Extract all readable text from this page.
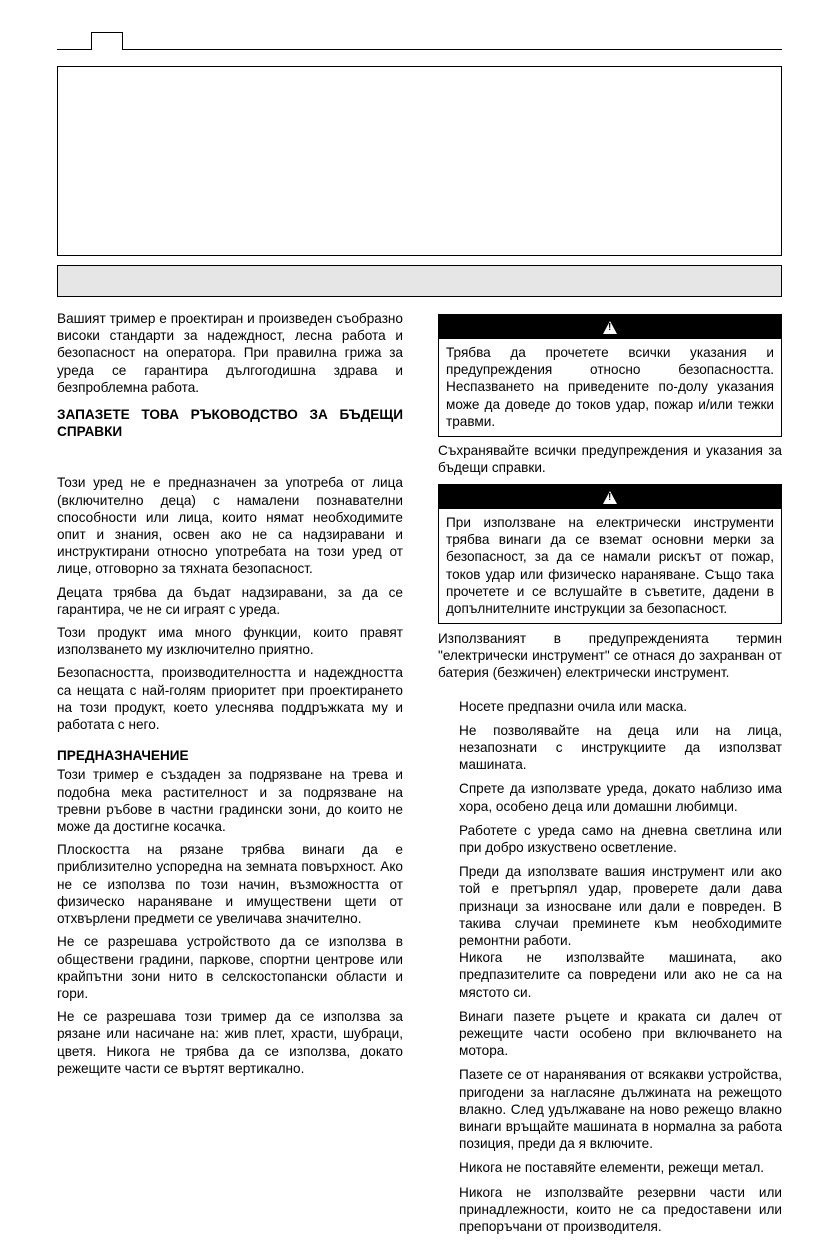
Вашият тример е проектиран и произведен съобразно високи стандарти за надеждност, лесна работа и безопасност на оператора. При правилна грижа за уреда се гарантира дългогодишна здрава и безпроблемна работа.

ЗАПАЗЕТЕ ТОВА РЪКОВОДСТВО ЗА БЪДЕЩИ СПРАВКИ

Този уред не е предназначен за употреба от лица (включително деца) с намалени познавателни способности или лица, които нямат необходимите опит и знания, освен ако не са надзиравани и инструктирани относно употребата на този уред от лице, отговорно за тяхната безопасност.

Децата трябва да бъдат надзиравани, за да се гарантира, че не си играят с уреда.

Този продукт има много функции, които правят използването му изключително приятно.

Безопасността, производителността и надеждността са нещата с най-голям приоритет при проектирането на този продукт, което улеснява поддръжката му и работата с него.

ПРЕДНАЗНАЧЕНИЕ

Този тример е създаден за подрязване на трева и подобна мека растителност и за подрязване на тревни ръбове в частни градински зони, до които не може да достигне косачка.

Плоскостта на рязане трябва винаги да е приблизително успоредна на земната повърхност. Ако не се използва по този начин, възможността от физическо нараняване и имуществени щети от отхвърлени предмети се увеличава значително.

Не се разрешава устройството да се използва в обществени градини, паркове, спортни центрове или крайпътни зони нито в селскостопански области и гори.

Не се разрешава този тример да се използва за рязане или насичане на: жив плет, храсти, шубраци, цветя. Никога не трябва да се използва, докато режещите части се въртят вертикално.

!
Трябва да прочетете всички указания и предупреждения относно безопасността. Неспазването на приведените по-долу указания може да доведе до токов удар, пожар и/или тежки травми.

Съхранявайте всички предупреждения и указания за бъдещи справки.

!
При използване на електрически инструменти трябва винаги да се вземат основни мерки за безопасност, за да се намали рискът от пожар, токов удар или физическо нараняване. Също така прочетете и се вслушайте в съветите, дадени в допълнителните инструкции за безопасност.

Използваният в предупрежденията термин "електрически инструмент" се отнася до захранван от батерия (безжичен) електрически инструмент.

Носете предпазни очила или маска.
Не позволявайте на деца или на лица, незапознати с инструкциите да използват машината.
Спрете да използвате уреда, докато наблизо има хора, особено деца или домашни любимци.
Работете с уреда само на дневна светлина или при добро изкуствено осветление.
Преди да използвате вашия инструмент или ако той е претърпял удар, проверете дали дава признаци за износване или дали е повреден. В такива случаи преминете към необходимите ремонтни работи.
Никога не използвайте машината, ако предпазителите са повредени или ако не са на мястото си.
Винаги пазете ръцете и краката си далеч от режещите части особено при включването на мотора.
Пазете се от наранявания от всякакви устройства, пригодени за нагласяне дължината на режещото влакно. След удължаване на ново режещо влакно винаги връщайте машината в нормална за работа позиция, преди да я включите.
Никога не поставяйте елементи, режещи метал.
Никога не използвайте резервни части или принадлежности, които не са предоставени или препоръчани от производителя.
